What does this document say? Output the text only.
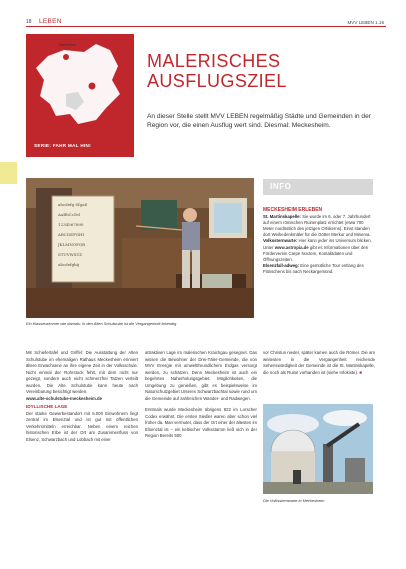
18 LEBEN	MVV LEBEN 1.16
Mannheim
SERIE: FAHR MAL HIN!
MALERISCHES
AUSFLUGSZIEL
An dieser Stelle stellt MVV LEBEN regelmäßig Städte und Gemeinden in der Region vor, die einen Ausflug wert sind. Diesmal: Meckesheim.
abcdefg Sfgaß
AaBbCcDd
1234567890
ABCDEFGHI
JKLMNOPQR
STUVWXYZ
abcdefghij
Ein Klassenzimmer wie damals: In den Alten Schulstube ist die Vergangenheit lebendig
INFO
MECKESHEIM ERLEBEN
St. Martinskapelle: Sie wurde im 6. oder 7. Jahrhundert auf einem römischen Ruinenplatz errichtet (etwa 700 Meter nordöstlich des jetzigen Ortskerns). Einst standen dort Weihedenkmäler für die Götter Merkur und Minerva.
Volkssternwarte: Hier kann jeder ins Universum blicken. Unter www.astropia.de gibt es Informationen über den Förderverein Carpe Noctem, Kontaktdaten und Öffnungszeiten.
Elsenzfall-adweg: Eine gemütliche Tour entlang des Flüsschens bis nach Neckargemünd.
Mit Schiefertafel und Griffel: Die Ausstattung der Alten Schulstube im ehemaligen Rathaus Meckesheim erinnert ältere Erwachsene an ihre eigene Zeit in der Volksschule. Nicht einmal der Rohrstock fehlt, mit dem nicht nur gezeigt, sondern auch nicht schmerzfrei Tatzen verteilt wurden. Die Alte Schulstube kann heute nach Vereinbarung besichtigt werden.
www.alte-schulstube-meckesheim.de
IDYLLISCHE LAGE
Der starke Gewerbestandort mit 5.000 Einwohnern liegt zentral im Elsenztal und ist gut mit öffentlichen Verkehrsmitteln erreichbar. Neben einem reichen historischen Erbe ist der Ort am Zusammenfluss von Elsenz, Schwarzbach und Lobbach mit einer
attraktiven Lage im malerischen Kraichgau gesegnet. Das wissen die Bewohner der Drei-Täler-Gemeinde, die von MVV Energie mit umweltfreundlichem Erdgas versorgt werden, zu schätzen. Denn Meckesheim ist auch ein begehrtes Naherholungsgebiet. Möglichkeiten, die Umgebung zu genießen, gibt es beispielsweise im Naturschutzgebiet Unteres Schwarzbachtal sowie rund um die Gemeinde auf zahlreichen Wander- und Radwegen.
Erstmals wurde Meckesheim übrigens 822 im Lorscher Codex erwähnt. Die ersten Siedler waren aber schon viel früher da. Man vermutet, dass der Ort einer der ältesten im Elsenztal ist – ein keltischer Volksstamm ließ sich in der Region Bereits 500
vor Christus nieder, später kamen auch die Römer. Die am weitesten in die Vergangenheit reichende Sehenswürdigkeit der Gemeinde ist die St. Martinskapelle, die noch als Ruine vorhanden ist (siehe Infokiste). ■
Die Volkssternwarte in Meckesheim
